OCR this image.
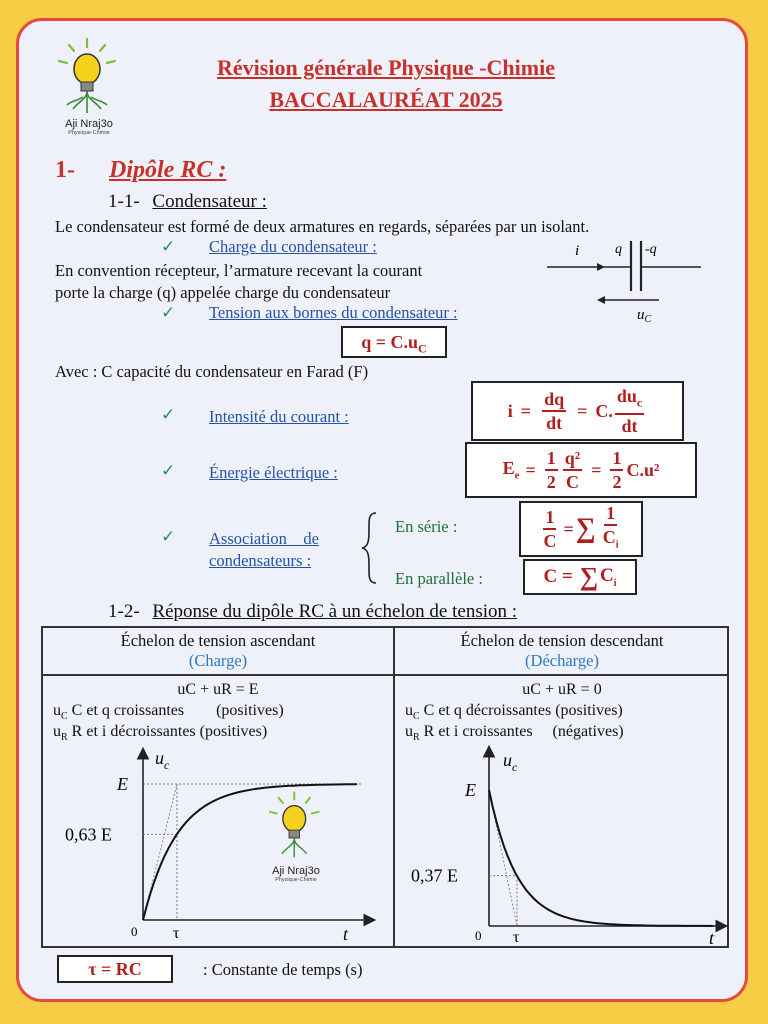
Aji Nraj3o
Physique-Chimie
Révision générale Physique -Chimie
BACCALAURÉAT 2025
1- Dipôle RC :
1-1- Condensateur :
Le condensateur est formé de deux armatures en regards, séparées par un isolant.
✓ Charge du condensateur :
En convention récepteur, l’armature recevant la courant
porte la charge (q) appelée charge du condensateur
i	q -q
$u_C$
✓ Tension aux bornes du condensateur :
$q = C.u_C$
Avec : C capacité du condensateur en Farad (F)
✓ Intensité du courant :	$i = \frac{dq}{dt} = C$. $\frac{du_c}{dt}$
✓ Énergie électrique :	$E_e = \frac{1}{2} \frac{\text{q²}}{C} = \frac{1}{2} C.u^2$
✓ Association    de
condensateurs :
En série :
En parallèle :
$\frac{1}{C}$ = ∑ $\frac{1}{C_i}$
C = ∑ $C_i$
1-2- Réponse du dipôle RC à un échelon de tension :
Échelon de tension ascendant
(Charge)
Échelon de tension descendant
(Décharge)
uC + uR = E
$u_C$ C et q croissantes (positives)
$u_R$ R et i décroissantes (positives)
uC + uR = 0
$u_C$ C et q décroissantes (positives)
$u_R$ R et i croissantes (négatives)
$u_c$
E
0,63 E
0 τ	t
Aji Nraj3o
Physique-Chimie
$u_c$
E
0,37 E
0 τ	t
τ = RC	: Constante de temps (s)
